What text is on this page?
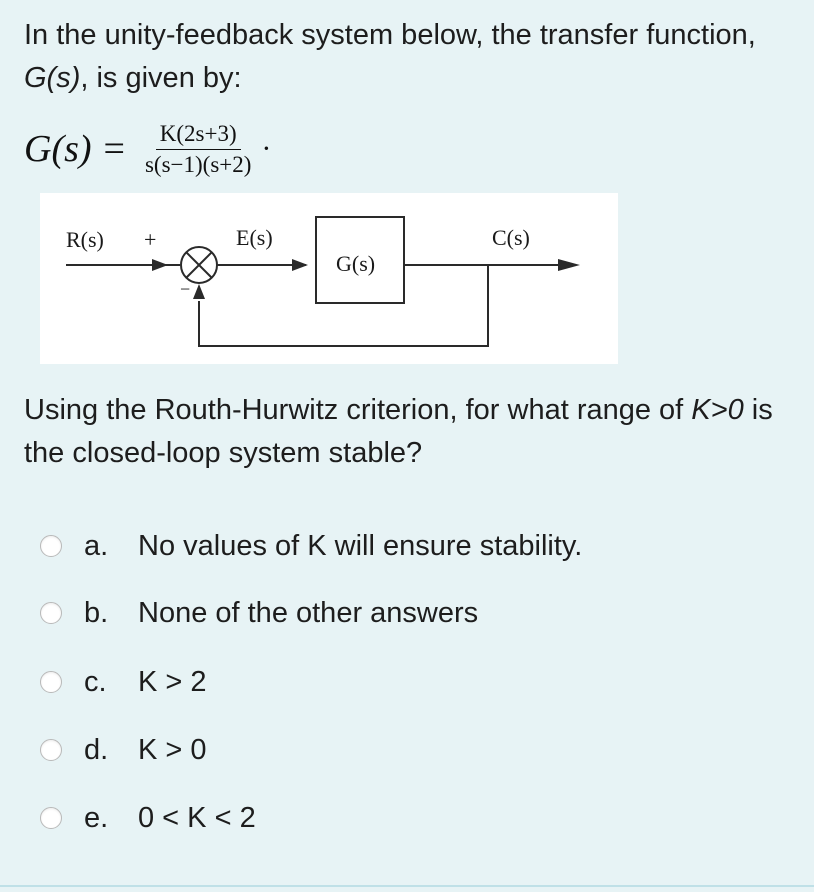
In the unity-feedback system below, the transfer function, G(s), is given by:

$G(s) = \frac{K(2s+3)}{s(s-1)(s+2)}$ ·
R(s) +
−
E(s)
G(s)
C(s)

Using the Routh-Hurwitz criterion, for what range of K>0 is the closed-loop system stable?

a.	No values of K will ensure stability.
b.	None of the other answers
c.	K > 2
d.	K > 0
e.	0 < K < 2
